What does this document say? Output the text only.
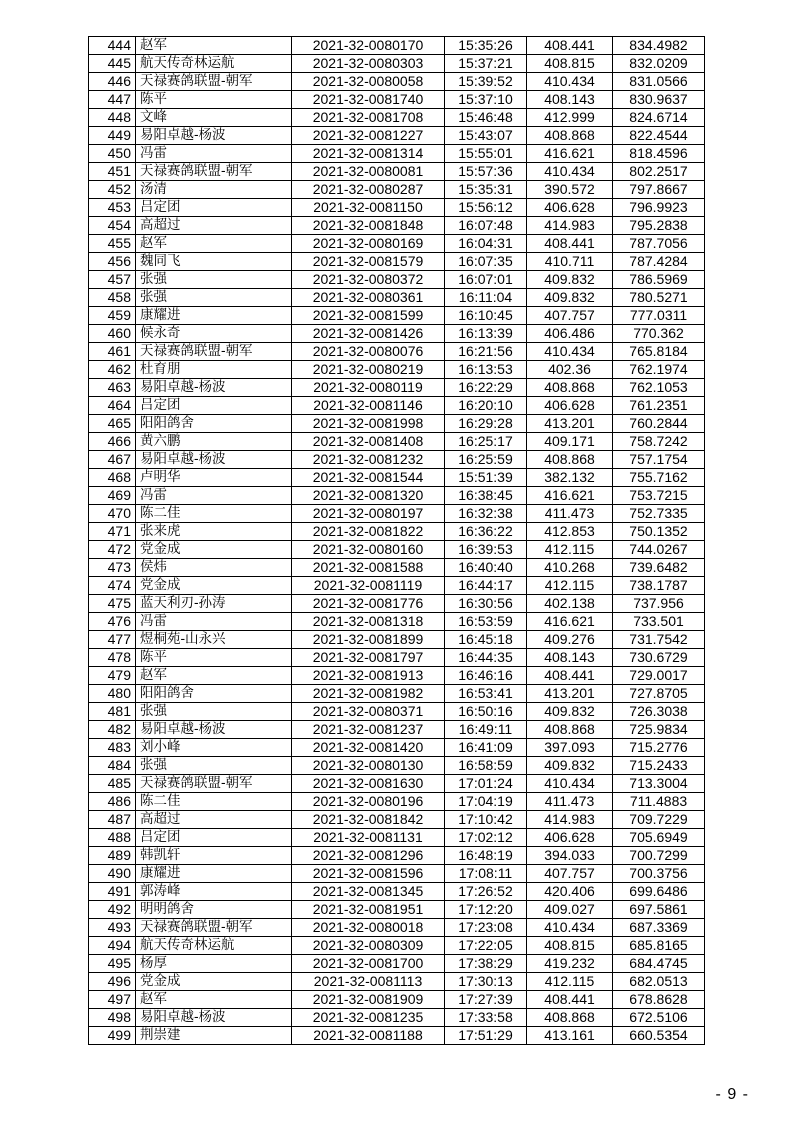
444	赵军	2021-32-0080170	15:35:26	408.441	834.4982
445	航天传奇林运航	2021-32-0080303	15:37:21	408.815	832.0209
446	天禄赛鸽联盟-朝军	2021-32-0080058	15:39:52	410.434	831.0566
447	陈平	2021-32-0081740	15:37:10	408.143	830.9637
448	文峰	2021-32-0081708	15:46:48	412.999	824.6714
449	易阳卓越-杨波	2021-32-0081227	15:43:07	408.868	822.4544
450	冯雷	2021-32-0081314	15:55:01	416.621	818.4596
451	天禄赛鸽联盟-朝军	2021-32-0080081	15:57:36	410.434	802.2517
452	汤清	2021-32-0080287	15:35:31	390.572	797.8667
453	吕定团	2021-32-0081150	15:56:12	406.628	796.9923
454	高超过	2021-32-0081848	16:07:48	414.983	795.2838
455	赵军	2021-32-0080169	16:04:31	408.441	787.7056
456	魏同飞	2021-32-0081579	16:07:35	410.711	787.4284
457	张强	2021-32-0080372	16:07:01	409.832	786.5969
458	张强	2021-32-0080361	16:11:04	409.832	780.5271
459	康耀进	2021-32-0081599	16:10:45	407.757	777.0311
460	候永奇	2021-32-0081426	16:13:39	406.486	770.362
461	天禄赛鸽联盟-朝军	2021-32-0080076	16:21:56	410.434	765.8184
462	杜育朋	2021-32-0080219	16:13:53	402.36	762.1974
463	易阳卓越-杨波	2021-32-0080119	16:22:29	408.868	762.1053
464	吕定团	2021-32-0081146	16:20:10	406.628	761.2351
465	阳阳鸽舍	2021-32-0081998	16:29:28	413.201	760.2844
466	黄六鹏	2021-32-0081408	16:25:17	409.171	758.7242
467	易阳卓越-杨波	2021-32-0081232	16:25:59	408.868	757.1754
468	卢明华	2021-32-0081544	15:51:39	382.132	755.7162
469	冯雷	2021-32-0081320	16:38:45	416.621	753.7215
470	陈二佳	2021-32-0080197	16:32:38	411.473	752.7335
471	张来虎	2021-32-0081822	16:36:22	412.853	750.1352
472	党金成	2021-32-0080160	16:39:53	412.115	744.0267
473	侯炜	2021-32-0081588	16:40:40	410.268	739.6482
474	党金成	2021-32-0081119	16:44:17	412.115	738.1787
475	蓝天利刃-孙涛	2021-32-0081776	16:30:56	402.138	737.956
476	冯雷	2021-32-0081318	16:53:59	416.621	733.501
477	煜桐苑-山永兴	2021-32-0081899	16:45:18	409.276	731.7542
478	陈平	2021-32-0081797	16:44:35	408.143	730.6729
479	赵军	2021-32-0081913	16:46:16	408.441	729.0017
480	阳阳鸽舍	2021-32-0081982	16:53:41	413.201	727.8705
481	张强	2021-32-0080371	16:50:16	409.832	726.3038
482	易阳卓越-杨波	2021-32-0081237	16:49:11	408.868	725.9834
483	刘小峰	2021-32-0081420	16:41:09	397.093	715.2776
484	张强	2021-32-0080130	16:58:59	409.832	715.2433
485	天禄赛鸽联盟-朝军	2021-32-0081630	17:01:24	410.434	713.3004
486	陈二佳	2021-32-0080196	17:04:19	411.473	711.4883
487	高超过	2021-32-0081842	17:10:42	414.983	709.7229
488	吕定团	2021-32-0081131	17:02:12	406.628	705.6949
489	韩凯轩	2021-32-0081296	16:48:19	394.033	700.7299
490	康耀进	2021-32-0081596	17:08:11	407.757	700.3756
491	郭涛峰	2021-32-0081345	17:26:52	420.406	699.6486
492	明明鸽舍	2021-32-0081951	17:12:20	409.027	697.5861
493	天禄赛鸽联盟-朝军	2021-32-0080018	17:23:08	410.434	687.3369
494	航天传奇林运航	2021-32-0080309	17:22:05	408.815	685.8165
495	杨厚	2021-32-0081700	17:38:29	419.232	684.4745
496	党金成	2021-32-0081113	17:30:13	412.115	682.0513
497	赵军	2021-32-0081909	17:27:39	408.441	678.8628
498	易阳卓越-杨波	2021-32-0081235	17:33:58	408.868	672.5106
499	荆崇建	2021-32-0081188	17:51:29	413.161	660.5354
- 9 -
